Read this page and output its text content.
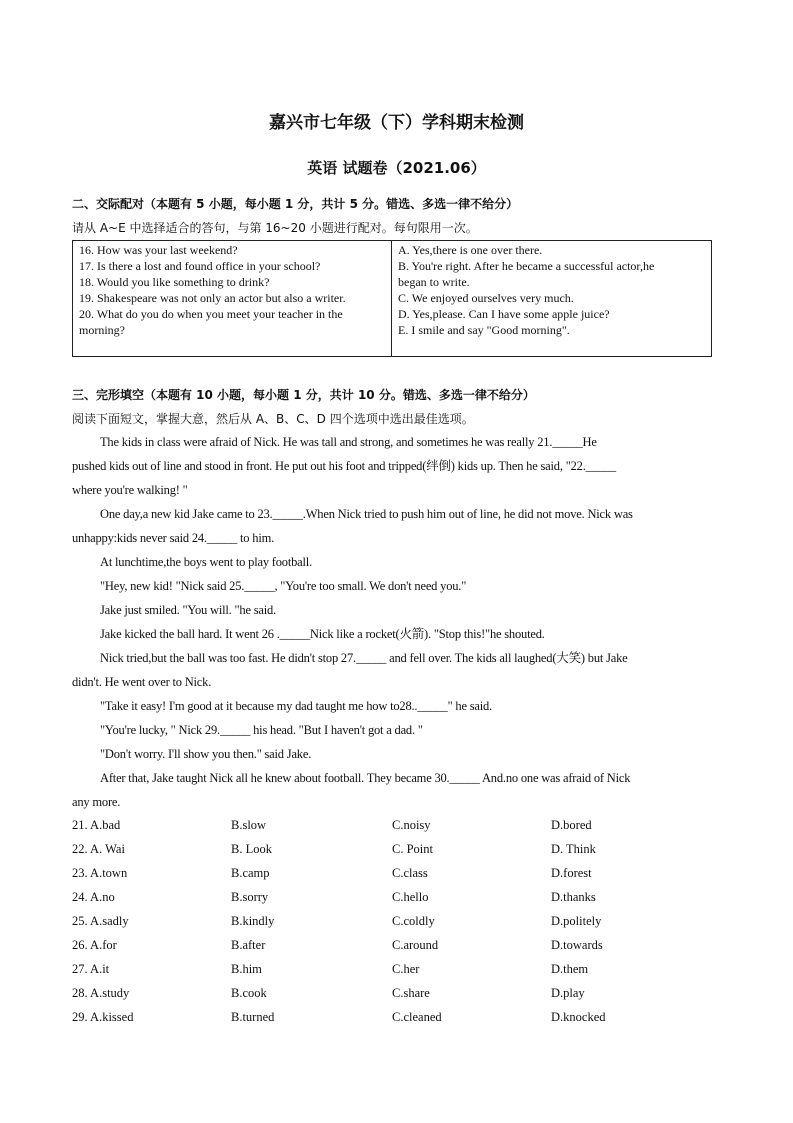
嘉兴市七年级（下）学科期末检测
英语 试题卷（2021.06）
二、交际配对（本题有 5 小题，每小题 1 分，共计 5 分。错选、多选一律不给分）
请从 A~E 中选择适合的答句，与第 16~20 小题进行配对。每句限用一次。
16. How was your last weekend?
17. Is there a lost and found office in your school?
18. Would you like something to drink?
19. Shakespeare was not only an actor but also a writer.
20. What do you do when you meet your teacher in the
morning?

A. Yes,there is one over there.
B. You're right. After he became a successful actor,he
began to write.
C. We enjoyed ourselves very much.
D. Yes,please. Can I have some apple juice?
E. I smile and say "Good morning".
三、完形填空（本题有 10 小题，每小题 1 分，共计 10 分。错选、多选一律不给分）
阅读下面短文，掌握大意，然后从 A、B、C、D 四个选项中选出最佳选项。
The kids in class were afraid of Nick. He was tall and strong, and sometimes he was really 21._____He
pushed kids out of line and stood in front. He put out his foot and tripped(绊倒) kids up. Then he said, "22._____
where you're walking! "
One day,a new kid Jake came to 23._____.When Nick tried to push him out of line, he did not move. Nick was
unhappy:kids never said 24._____ to him.
At lunchtime,the boys went to play football.
"Hey, new kid! "Nick said 25._____, "You're too small. We don't need you."
Jake just smiled. "You will. "he said.
Jake kicked the ball hard. It went 26 ._____Nick like a rocket(火箭). "Stop this!"he shouted.
Nick tried,but the ball was too fast. He didn't stop 27._____ and fell over. The kids all laughed(大笑) but Jake
didn't. He went over to Nick.
"Take it easy! I'm good at it because my dad taught me how to28.._____" he said.
"You're lucky, " Nick 29._____ his head. "But I haven't got a dad. "
"Don't worry. I'll show you then." said Jake.
After that, Jake taught Nick all he knew about football. They became 30._____ And.no one was afraid of Nick
any more.
21. A.bad	B.slow	C.noisy	D.bored
22. A. Wai	B. Look	C. Point	D. Think
23. A.town	B.camp	C.class	D.forest
24. A.no	B.sorry	C.hello	D.thanks
25. A.sadly	B.kindly	C.coldly	D.politely
26. A.for	B.after	C.around	D.towards
27. A.it	B.him	C.her	D.them
28. A.study	B.cook	C.share	D.play
29. A.kissed	B.turned	C.cleaned	D.knocked
